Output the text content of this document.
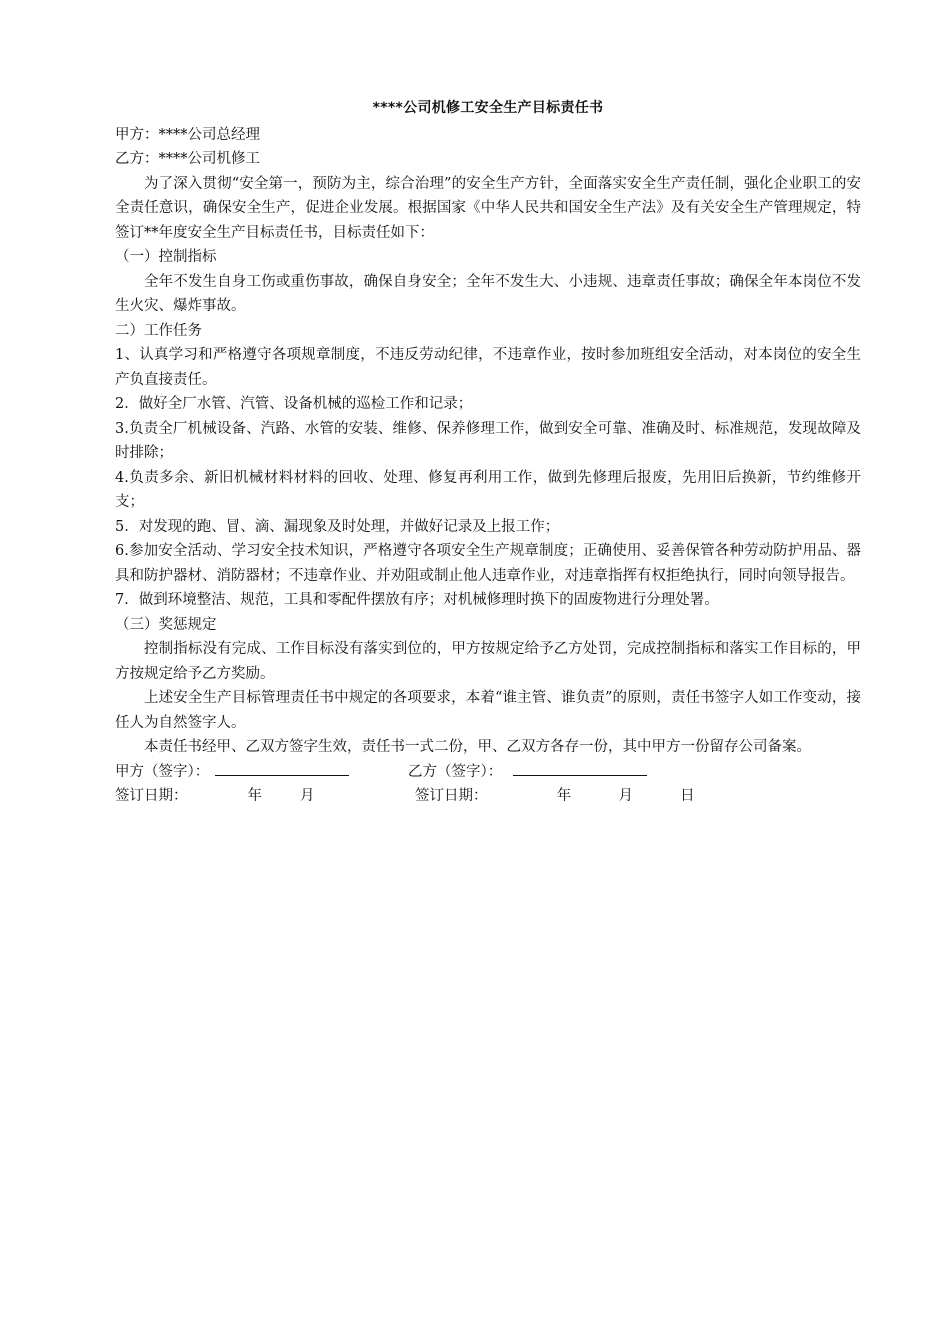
****公司机修工安全生产目标责任书

甲方：****公司总经理

乙方：****公司机修工

为了深入贯彻“安全第一，预防为主，综合治理”的安全生产方针，全面落实安全生产责任制，强化企业职工的安全责任意识，确保安全生产，促进企业发展。根据国家《中华人民共和国安全生产法》及有关安全生产管理规定，特签订**年度安全生产目标责任书，目标责任如下：

（一）控制指标

全年不发生自身工伤或重伤事故，确保自身安全；全年不发生大、小违规、违章责任事故；确保全年本岗位不发生火灾、爆炸事故。

二）工作任务

1、认真学习和严格遵守各项规章制度，不违反劳动纪律，不违章作业，按时参加班组安全活动，对本岗位的安全生产负直接责任。

2．做好全厂水管、汽管、设备机械的巡检工作和记录；

3.负责全厂机械设备、汽路、水管的安装、维修、保养修理工作，做到安全可靠、准确及时、标准规范，发现故障及时排除；

4.负责多余、新旧机械材料材料的回收、处理、修复再利用工作，做到先修理后报废，先用旧后换新，节约维修开支；

5．对发现的跑、冒、滴、漏现象及时处理，并做好记录及上报工作；

6.参加安全活动、学习安全技术知识，严格遵守各项安全生产规章制度；正确使用、妥善保管各种劳动防护用品、器具和防护器材、消防器材；不违章作业、并劝阻或制止他人违章作业，对违章指挥有权拒绝执行，同时向领导报告。

7．做到环境整洁、规范，工具和零配件摆放有序；对机械修理时换下的固废物进行分理处署。

（三）奖惩规定

控制指标没有完成、工作目标没有落实到位的，甲方按规定给予乙方处罚，完成控制指标和落实工作目标的，甲方按规定给予乙方奖励。

上述安全生产目标管理责任书中规定的各项要求，本着“谁主管、谁负责”的原则，责任书签字人如工作变动，接任人为自然签字人。

本责任书经甲、乙双方签字生效，责任书一式二份，甲、乙双方各存一份，其中甲方一份留存公司备案。

甲方（签字）：	乙方（签字）：
签订日期：	年	月	签订日期：	年	月	日
